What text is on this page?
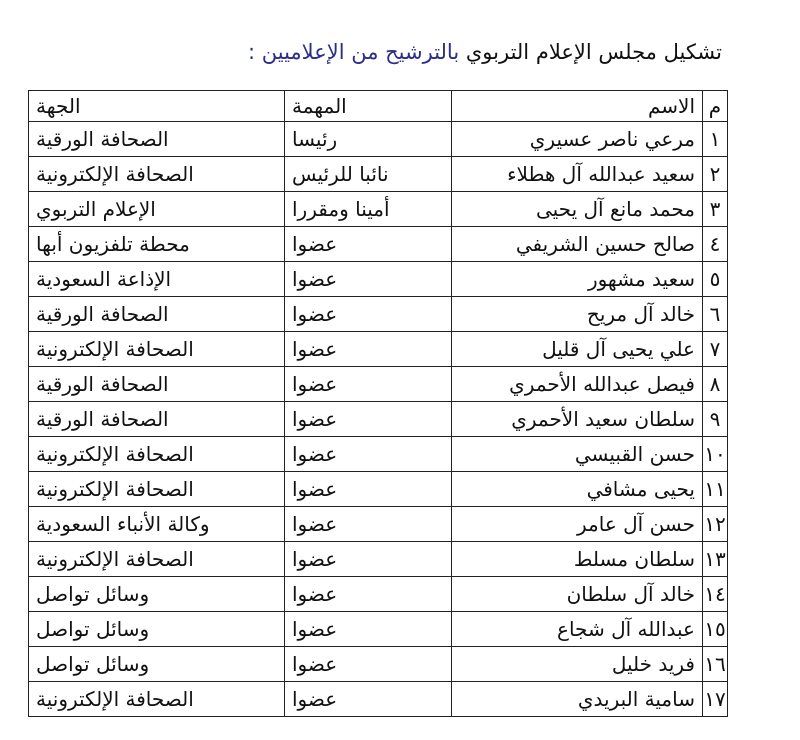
تشكيل مجلس الإعلام التربوي بالترشيح من الإعلاميين :
م	الاسم	المهمة	الجهة
١	مرعي ناصر عسيري	رئيسا	الصحافة الورقية
٢	سعيد عبدالله آل هطلاء	نائبا للرئيس	الصحافة الإلكترونية
٣	محمد مانع آل يحيى	أمينا ومقررا	الإعلام التربوي
٤	صالح حسين الشريفي	عضوا	محطة تلفزيون أبها
٥	سعيد مشهور	عضوا	الإذاعة السعودية
٦	خالد آل مريح	عضوا	الصحافة الورقية
٧	علي يحيى آل قليل	عضوا	الصحافة الإلكترونية
٨	فيصل عبدالله الأحمري	عضوا	الصحافة الورقية
٩	سلطان سعيد الأحمري	عضوا	الصحافة الورقية
١٠	حسن القبيسي	عضوا	الصحافة الإلكترونية
١١	يحيى مشافي	عضوا	الصحافة الإلكترونية
١٢	حسن آل عامر	عضوا	وكالة الأنباء السعودية
١٣	سلطان مسلط	عضوا	الصحافة الإلكترونية
١٤	خالد آل سلطان	عضوا	وسائل تواصل
١٥	عبدالله آل شجاع	عضوا	وسائل تواصل
١٦	فريد خليل	عضوا	وسائل تواصل
١٧	سامية البريدي	عضوا	الصحافة الإلكترونية
